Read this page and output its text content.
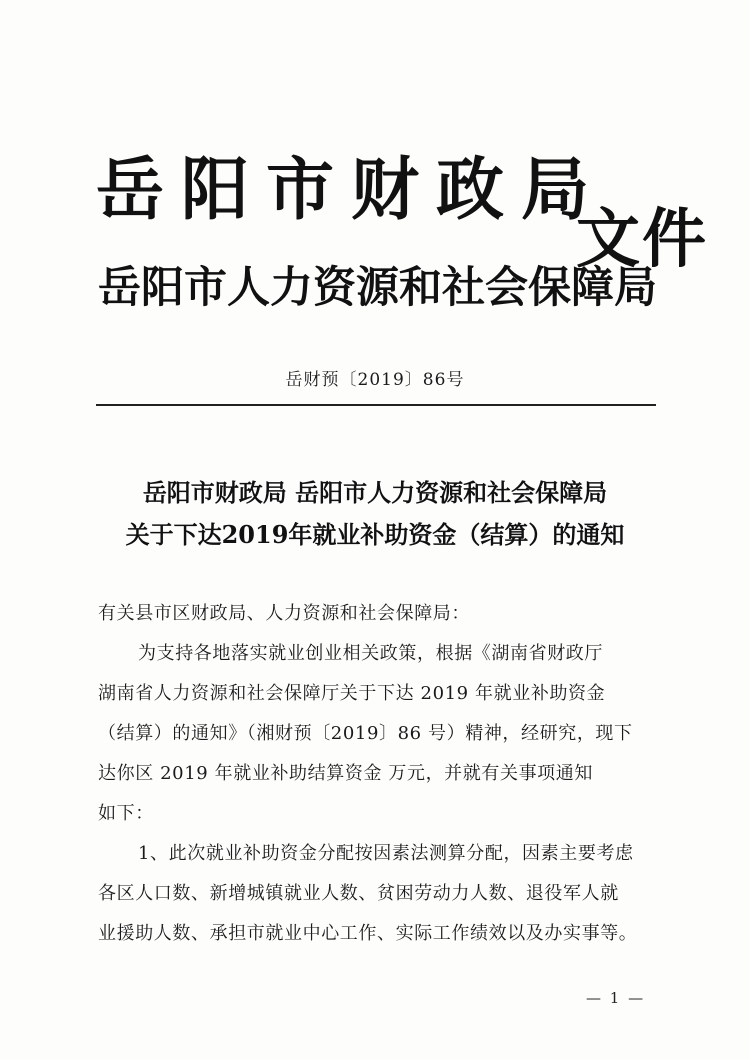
岳阳市财政局
岳阳市人力资源和社会保障局
文件
岳财预〔2019〕86号
岳阳市财政局 岳阳市人力资源和社会保障局
关于下达2019年就业补助资金（结算）的通知
有关县市区财政局、人力资源和社会保障局：
为支持各地落实就业创业相关政策，根据《湖南省财政厅
湖南省人力资源和社会保障厅关于下达 2019 年就业补助资金
（结算）的通知》（湘财预〔2019〕86 号）精神，经研究，现下
达你区 2019 年就业补助结算资金 万元，并就有关事项通知
如下：
1、此次就业补助资金分配按因素法测算分配，因素主要考虑
各区人口数、新增城镇就业人数、贫困劳动力人数、退役军人就
业援助人数、承担市就业中心工作、实际工作绩效以及办实事等。
— 1 —
